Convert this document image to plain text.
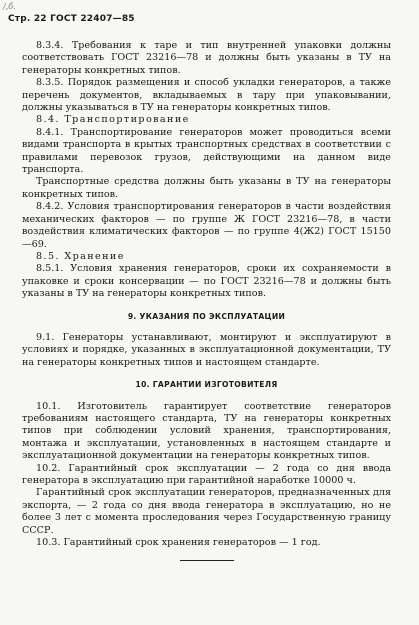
/,б.
Стр. 22 ГОСТ 22407—85

8.3.4. Требования к таре и тип внутренней упаковки должны соответствовать ГОСТ 23216—78 и должны быть указаны в ТУ на генераторы конкретных типов.

8.3.5. Порядок размещения и способ укладки генераторов, а также перечень документов, вкладываемых в тару при упаковывании, должны указываться в ТУ на генераторы конкретных типов.

8.4. Транспортирование

8.4.1. Транспортирование генераторов может проводиться всеми видами транспорта в крытых транспортных средствах в соответствии с правилами перевозок грузов, действующими на данном виде транспорта.

Транспортные средства должны быть указаны в ТУ на генераторы конкретных типов.

8.4.2. Условия транспортирования генераторов в части воздействия механических факторов — по группе Ж ГОСТ 23216—78, в части воздействия климатических факторов — по группе 4(Ж2) ГОСТ 15150—69.

8.5. Хранение

8.5.1. Условия хранения генераторов, сроки их сохраняемости в упаковке и сроки консервации — по ГОСТ 23216—78 и должны быть указаны в ТУ на генераторы конкретных типов.

9. УКАЗАНИЯ ПО ЭКСПЛУАТАЦИИ

9.1. Генераторы устанавливают, монтируют и эксплуатируют в условиях и порядке, указанных в эксплуатационной документации, ТУ на генераторы конкретных типов и настоящем стандарте.

10. ГАРАНТИИ ИЗГОТОВИТЕЛЯ

10.1. Изготовитель гарантирует соответствие генераторов требованиям настоящего стандарта, ТУ на генераторы конкретных типов при соблюдении условий хранения, транспортирования, монтажа и эксплуатации, установленных в настоящем стандарте и эксплуатационной документации на генераторы конкретных типов.

10.2. Гарантийный срок эксплуатации — 2 года со дня ввода генератора в эксплуатацию при гарантийной наработке 10000 ч.

Гарантийный срок эксплуатации генераторов, предназначенных для экспорта, — 2 года со дня ввода генератора в эксплуатацию, но не более 3 лет с момента проследования через Государственную границу СССР.

10.3. Гарантийный срок хранения генераторов — 1 год.
